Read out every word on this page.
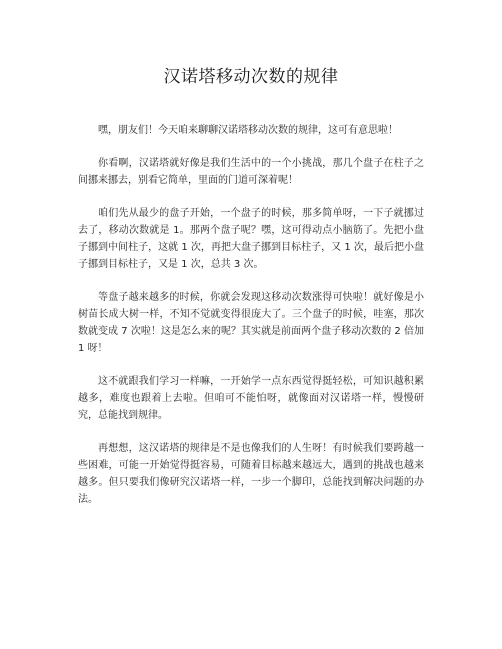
汉诺塔移动次数的规律

嘿，朋友们！今天咱来聊聊汉诺塔移动次数的规律，这可有意思啦！

你看啊，汉诺塔就好像是我们生活中的一个小挑战，那几个盘子在柱子之间挪来挪去，别看它简单，里面的门道可深着呢！

咱们先从最少的盘子开始，一个盘子的时候，那多简单呀，一下子就挪过去了，移动次数就是 1。那两个盘子呢？嘿，这可得动点小脑筋了。先把小盘子挪到中间柱子，这就 1 次，再把大盘子挪到目标柱子，又 1 次，最后把小盘子挪到目标柱子，又是 1 次，总共 3 次。

等盘子越来越多的时候，你就会发现这移动次数涨得可快啦！就好像是小树苗长成大树一样，不知不觉就变得很庞大了。三个盘子的时候，哇塞，那次数就变成 7 次啦！这是怎么来的呢？其实就是前面两个盘子移动次数的 2 倍加 1 呀！

这不就跟我们学习一样嘛，一开始学一点东西觉得挺轻松，可知识越积累越多，难度也跟着上去啦。但咱可不能怕呀，就像面对汉诺塔一样，慢慢研究，总能找到规律。

再想想，这汉诺塔的规律是不是也像我们的人生呀！有时候我们要跨越一些困难，可能一开始觉得挺容易，可随着目标越来越远大，遇到的挑战也越来越多。但只要我们像研究汉诺塔一样，一步一个脚印，总能找到解决问题的办法。
